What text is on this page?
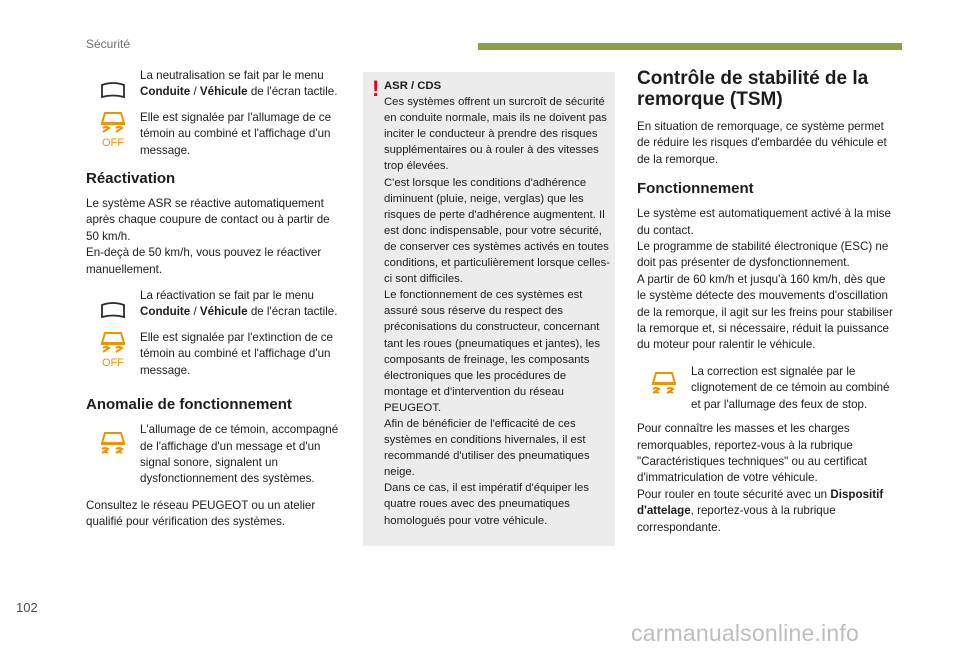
Sécurité
La neutralisation se fait par le menu Conduite / Véhicule de l'écran tactile.
OFF
Elle est signalée par l'allumage de ce témoin au combiné et l'affichage d'un message.
Réactivation
Le système ASR se réactive automatiquement après chaque coupure de contact ou à partir de 50 km/h.
En-deçà de 50 km/h, vous pouvez le réactiver manuellement.
La réactivation se fait par le menu Conduite / Véhicule de l'écran tactile.
OFF
Elle est signalée par l'extinction de ce témoin au combiné et l'affichage d'un message.
Anomalie de fonctionnement
L'allumage de ce témoin, accompagné de l'affichage d'un message et d'un signal sonore, signalent un dysfonctionnement des systèmes.
Consultez le réseau PEUGEOT ou un atelier qualifié pour vérification des systèmes.
! ASR / CDS
Ces systèmes offrent un surcroît de sécurité en conduite normale, mais ils ne doivent pas inciter le conducteur à prendre des risques supplémentaires ou à rouler à des vitesses trop élevées.
C'est lorsque les conditions d'adhérence diminuent (pluie, neige, verglas) que les risques de perte d'adhérence augmentent. Il est donc indispensable, pour votre sécurité, de conserver ces systèmes activés en toutes conditions, et particulièrement lorsque celles-ci sont difficiles.
Le fonctionnement de ces systèmes est assuré sous réserve du respect des préconisations du constructeur, concernant tant les roues (pneumatiques et jantes), les composants de freinage, les composants électroniques que les procédures de montage et d'intervention du réseau PEUGEOT.
Afin de bénéficier de l'efficacité de ces systèmes en conditions hivernales, il est recommandé d'utiliser des pneumatiques neige.
Dans ce cas, il est impératif d'équiper les quatre roues avec des pneumatiques homologués pour votre véhicule.
Contrôle de stabilité de la remorque (TSM)
En situation de remorquage, ce système permet de réduire les risques d'embardée du véhicule et de la remorque.
Fonctionnement
Le système est automatiquement activé à la mise du contact.
Le programme de stabilité électronique (ESC) ne doit pas présenter de dysfonctionnement.
A partir de 60 km/h et jusqu'à 160 km/h, dès que le système détecte des mouvements d'oscillation de la remorque, il agit sur les freins pour stabiliser la remorque et, si nécessaire, réduit la puissance du moteur pour ralentir le véhicule.
La correction est signalée par le clignotement de ce témoin au combiné et par l'allumage des feux de stop.
Pour connaître les masses et les charges remorquables, reportez-vous à la rubrique "Caractéristiques techniques" ou au certificat d'immatriculation de votre véhicule.
Pour rouler en toute sécurité avec un Dispositif d'attelage, reportez-vous à la rubrique correspondante.
102
carmanualsonline.info
